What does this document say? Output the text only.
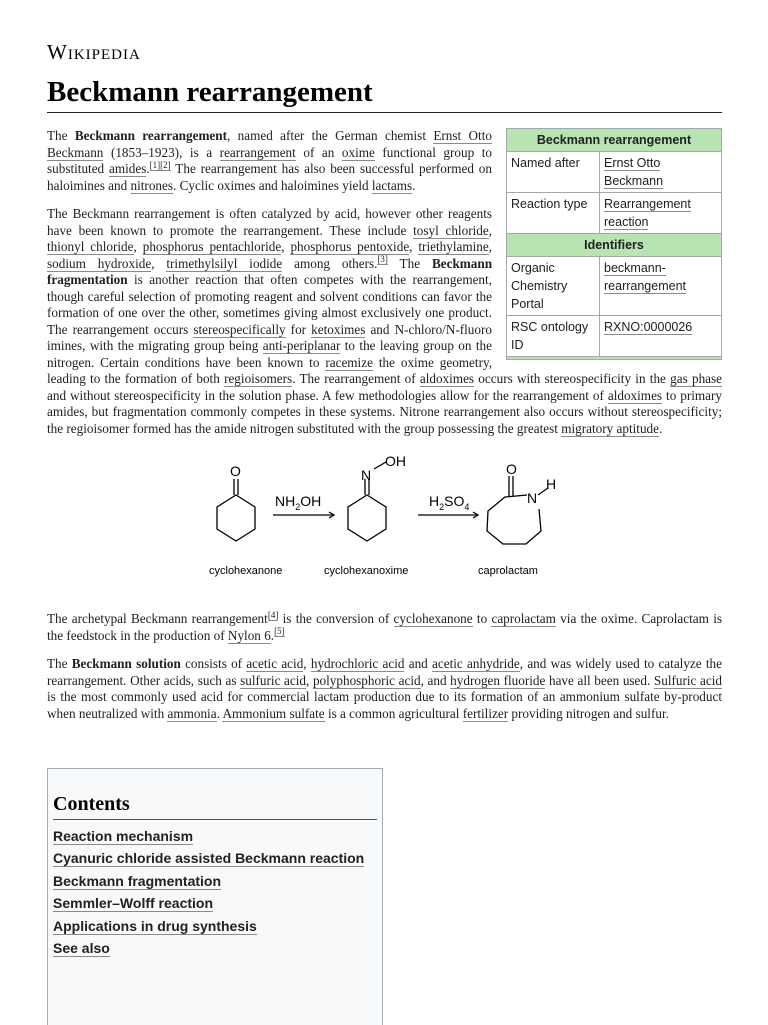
Wikipedia
Beckmann rearrangement
Beckmann rearrangement	
Named after	Ernst Otto Beckmann
Reaction type	Rearrangement reaction
Identifiers	
Organic Chemistry Portal	beckmann-rearrangement
RSC ontology ID	RXNO:0000026

The Beckmann rearrangement, named after the German chemist Ernst Otto Beckmann (1853–1923), is a rearrangement of an oxime functional group to substituted amides.[1][2] The rearrangement has also been successful performed on haloimines and nitrones. Cyclic oximes and haloimines yield lactams.

The Beckmann rearrangement is often catalyzed by acid, however other reagents have been known to promote the rearrangement. These include tosyl chloride, thionyl chloride, phosphorus pentachloride, phosphorus pentoxide, triethylamine, sodium hydroxide, trimethylsilyl iodide among others.[3] The Beckmann fragmentation is another reaction that often competes with the rearrangement, though careful selection of promoting reagent and solvent conditions can favor the formation of one over the other, sometimes giving almost exclusively one product. The rearrangement occurs stereospecifically for ketoximes and N-chloro/N-fluoro imines, with the migrating group being anti-periplanar to the leaving group on the nitrogen. Certain conditions have been known to racemize the oxime geometry, leading to the formation of both regioisomers. The rearrangement of aldoximes occurs with stereospecificity in the gas phase and without stereospecificity in the solution phase. A few methodologies allow for the rearrangement of aldoximes to primary amides, but fragmentation commonly competes in these systems. Nitrone rearrangement also occurs without stereospecificity; the regioisomer formed has the amide nitrogen substituted with the group possessing the greatest migratory aptitude.

O	N
OH	O
N
H
$NH_2OH$	$H_2SO_4$
cyclohexanone	cyclohexanoxime	caprolactam

The archetypal Beckmann rearrangement[4] is the conversion of cyclohexanone to caprolactam via the oxime. Caprolactam is the feedstock in the production of Nylon 6.[5]

The Beckmann solution consists of acetic acid, hydrochloric acid and acetic anhydride, and was widely used to catalyze the rearrangement. Other acids, such as sulfuric acid, polyphosphoric acid, and hydrogen fluoride have all been used. Sulfuric acid is the most commonly used acid for commercial lactam production due to its formation of an ammonium sulfate by-product when neutralized with ammonia. Ammonium sulfate is a common agricultural fertilizer providing nitrogen and sulfur.

Contents
Reaction mechanism
Cyanuric chloride assisted Beckmann reaction
Beckmann fragmentation
Semmler–Wolff reaction
Applications in drug synthesis
See also
